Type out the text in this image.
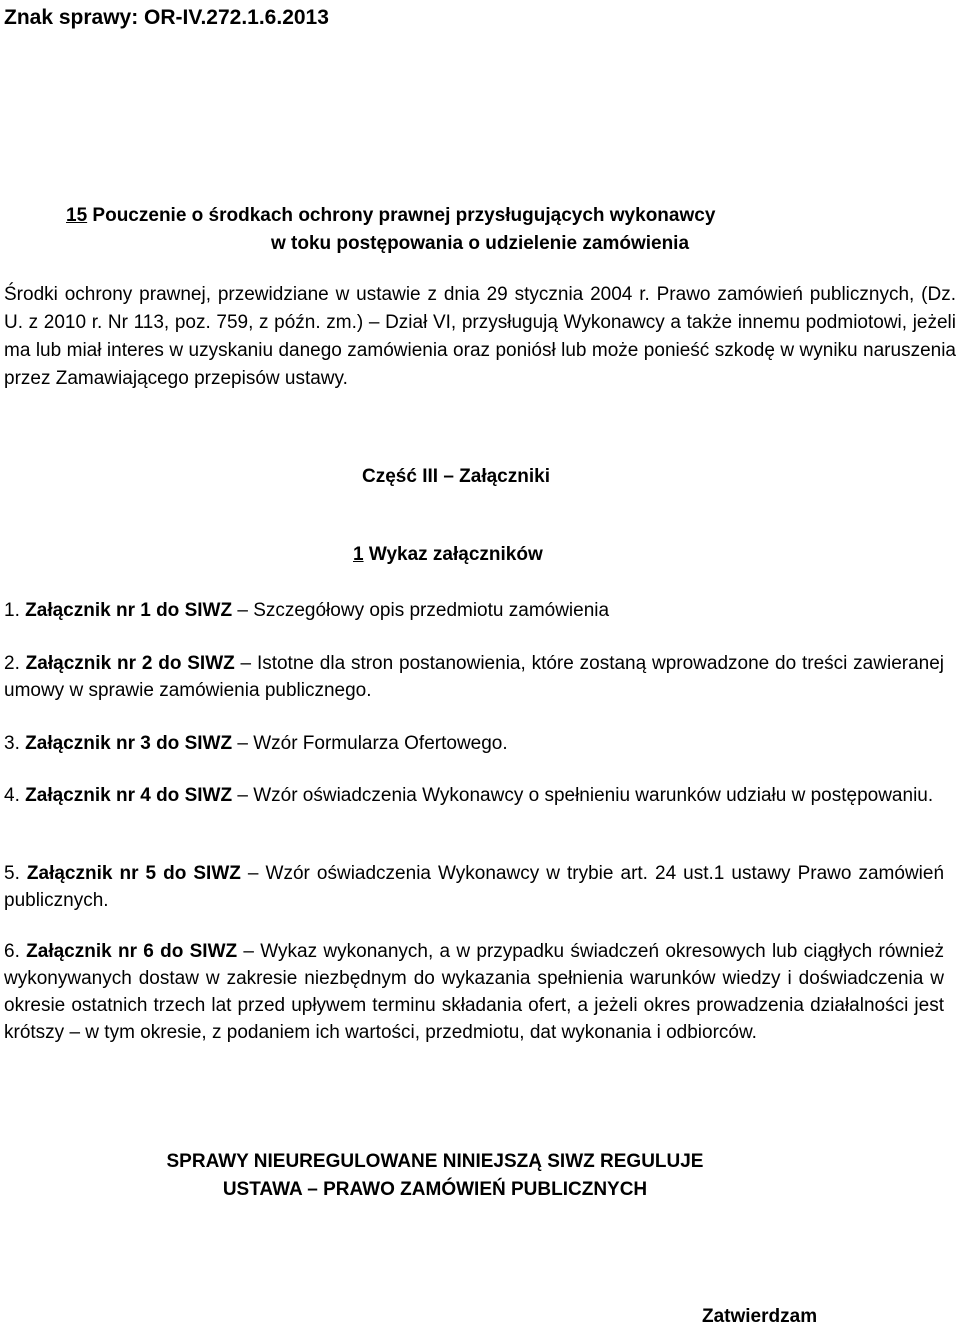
Znak sprawy: OR-IV.272.1.6.2013
15 Pouczenie o środkach ochrony prawnej przysługujących wykonawcy
w toku postępowania o udzielenie zamówienia
Środki ochrony prawnej, przewidziane w ustawie z dnia 29 stycznia 2004 r. Prawo zamówień publicznych, (Dz. U. z 2010 r. Nr 113, poz. 759, z późn. zm.) – Dział VI, przysługują Wykonawcy a także innemu podmiotowi, jeżeli ma lub miał interes w uzyskaniu danego zamówienia oraz poniósł lub może ponieść szkodę w wyniku naruszenia przez Zamawiającego przepisów ustawy.
Część III – Załączniki
1 Wykaz załączników
1. Załącznik nr 1 do SIWZ – Szczegółowy opis przedmiotu zamówienia
2. Załącznik nr 2 do SIWZ – Istotne dla stron postanowienia, które zostaną wprowadzone do treści zawieranej umowy w sprawie zamówienia publicznego.
3. Załącznik nr 3 do SIWZ – Wzór Formularza Ofertowego.
4. Załącznik nr 4 do SIWZ – Wzór oświadczenia Wykonawcy o spełnieniu warunków udziału w postępowaniu.
5. Załącznik nr 5 do SIWZ – Wzór oświadczenia Wykonawcy w trybie art. 24 ust.1 ustawy Prawo zamówień publicznych.
6. Załącznik nr 6 do SIWZ – Wykaz wykonanych, a w przypadku świadczeń okresowych lub ciągłych również wykonywanych dostaw w zakresie niezbędnym do wykazania spełnienia warunków wiedzy i doświadczenia w okresie ostatnich trzech lat przed upływem terminu składania ofert, a jeżeli okres prowadzenia działalności jest krótszy – w tym okresie, z podaniem ich wartości, przedmiotu, dat wykonania i odbiorców.
SPRAWY NIEUREGULOWANE NINIEJSZĄ SIWZ REGULUJE
USTAWA – PRAWO ZAMÓWIEŃ PUBLICZNYCH
Zatwierdzam
